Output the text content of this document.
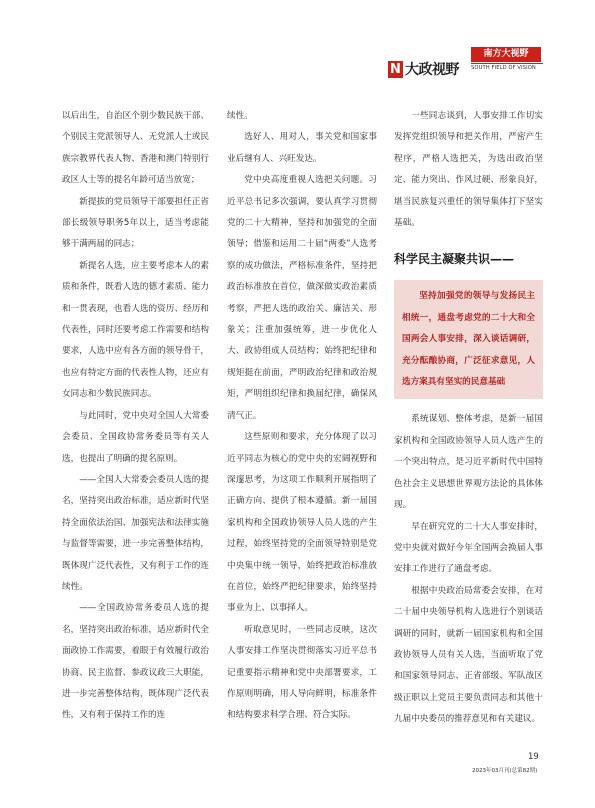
N 大政视野
南方大视野
SOUTH FIELD OF VISION

以后出生，自治区个别少数民族干部、个别民主党派领导人、无党派人士或民族宗教界代表人物、香港和澳门特别行政区人士等的提名年龄可适当放宽；

新提拔的党员领导干部要担任正省部长级领导职务5年以上，适当考虑能够干满两届的同志；

新提名人选，应主要考虑本人的素质和条件，既看人选的德才素质、能力和一贯表现，也看人选的资历、经历和代表性，同时还要考虑工作需要和结构要求，人选中应有各方面的领导骨干，也应有特定方面的代表性人物，还应有女同志和少数民族同志。

与此同时，党中央对全国人大常委会委员、全国政协常务委员等有关人选，也提出了明确的提名原则。

——全国人大常委会委员人选的提名，坚持突出政治标准，适应新时代坚持全面依法治国、加强宪法和法律实施与监督等需要，进一步完善整体结构，既体现广泛代表性，又有利于工作的连续性。

——全国政协常务委员人选的提名，坚持突出政治标准，适应新时代全面政协工作需要，着眼于有效履行政治协商、民主监督、参政议政三大职能，进一步完善整体结构，既体现广泛代表性，又有利于保持工作的连

续性。

选好人、用对人，事关党和国家事业后继有人、兴旺发达。

党中央高度重视人选把关问题。习近平总书记多次强调，要认真学习贯彻党的二十大精神，坚持和加强党的全面领导；借鉴和运用二十届“两委”人选考察的成功做法，严格标准条件，坚持把政治标准放在首位，做深做实政治素质考察，严把人选的政治关、廉洁关、形象关；注重加强统筹，进一步优化人大、政协组成人员结构；始终把纪律和规矩挺在前面，严明政治纪律和政治规矩，严明组织纪律和换届纪律，确保风清气正。

这些原则和要求，充分体现了以习近平同志为核心的党中央的宏阔视野和深邃思考，为这项工作顺利开展指明了正确方向、提供了根本遵循。新一届国家机构和全国政协领导人员人选的产生过程，始终坚持党的全面领导特别是党中央集中统一领导，始终把政治标准放在首位，始终严把纪律要求，始终坚持事业为上、以事择人。

听取意见时，一些同志反映，这次人事安排工作坚决贯彻落实习近平总书记重要指示精神和党中央部署要求，工作原则明确，用人导向鲜明，标准条件和结构要求科学合理、符合实际。

一些同志谈到，人事安排工作切实发挥党组织领导和把关作用，严密产生程序，严格人选把关，为选出政治坚定、能力突出、作风过硬、形象良好，堪当民族复兴重任的领导集体打下坚实基础。

科学民主凝聚共识——

坚持加强党的领导与发扬民主相统一，通盘考虑党的二十大和全国两会人事安排，深入谈话调研，充分酝酿协商，广泛征求意见，人选方案具有坚实的民意基础

系统谋划、整体考虑，是新一届国家机构和全国政协领导人员人选产生的一个突出特点，是习近平新时代中国特色社会主义思想世界观方法论的具体体现。

早在研究党的二十大人事安排时，党中央就对做好今年全国两会换届人事安排工作进行了通盘考虑。

根据中央政治局常委会安排，在对二十届中央领导机构人选进行个别谈话调研的同时，就新一届国家机构和全国政协领导人员有关人选，当面听取了党和国家领导同志、正省部级、军队战区级正职以上党员主要负责同志和其他十九届中央委员的推荐意见和有关建议。

19
2023年03月刊(总第82期)
